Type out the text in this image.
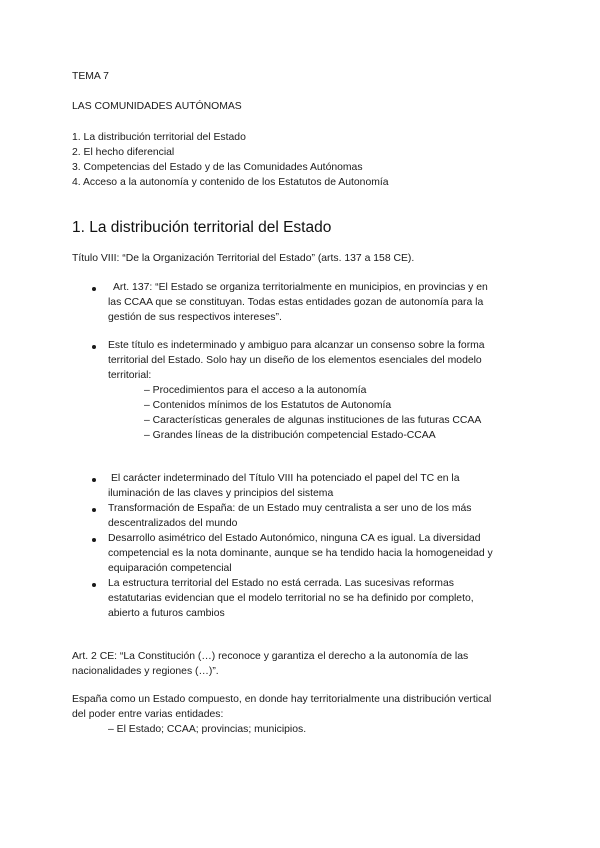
TEMA 7
LAS COMUNIDADES AUTÓNOMAS
1. La distribución territorial del Estado
2. El hecho diferencial
3. Competencias del Estado y de las Comunidades Autónomas
4. Acceso a la autonomía y contenido de los Estatutos de Autonomía
1. La distribución territorial del Estado
Título VIII: “De la Organización Territorial del Estado” (arts. 137 a 158 CE).
Art. 137: “El Estado se organiza territorialmente en municipios, en provincias y en
las CCAA que se constituyan. Todas estas entidades gozan de autonomía para la
gestión de sus respectivos intereses”.
Este título es indeterminado y ambiguo para alcanzar un consenso sobre la forma
territorial del Estado. Solo hay un diseño de los elementos esenciales del modelo
territorial:
– Procedimientos para el acceso a la autonomía
– Contenidos mínimos de los Estatutos de Autonomía
– Características generales de algunas instituciones de las futuras CCAA
– Grandes líneas de la distribución competencial Estado-CCAA
El carácter indeterminado del Título VIII ha potenciado el papel del TC en la
iluminación de las claves y principios del sistema
Transformación de España: de un Estado muy centralista a ser uno de los más
descentralizados del mundo
Desarrollo asimétrico del Estado Autonómico, ninguna CA es igual. La diversidad
competencial es la nota dominante, aunque se ha tendido hacia la homogeneidad y
equiparación competencial
La estructura territorial del Estado no está cerrada. Las sucesivas reformas
estatutarias evidencian que el modelo territorial no se ha definido por completo,
abierto a futuros cambios
Art. 2 CE: “La Constitución (…) reconoce y garantiza el derecho a la autonomía de las
nacionalidades y regiones (…)”.
España como un Estado compuesto, en donde hay territorialmente una distribución vertical
del poder entre varias entidades:
– El Estado; CCAA; provincias; municipios.
